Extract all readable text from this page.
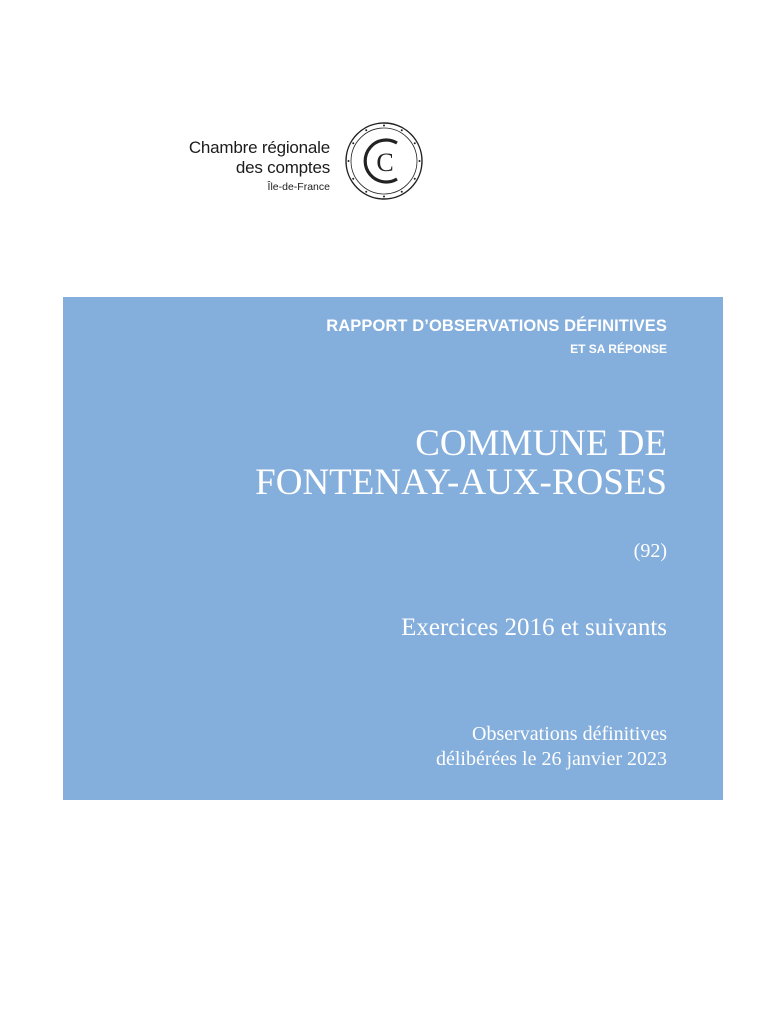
Chambre régionale
des comptes
Île-de-France
C
RAPPORT D’OBSERVATIONS DÉFINITIVES
ET SA RÉPONSE
COMMUNE DE
FONTENAY-AUX-ROSES
(92)
Exercices 2016 et suivants
Observations définitives
délibérées le 26 janvier 2023
